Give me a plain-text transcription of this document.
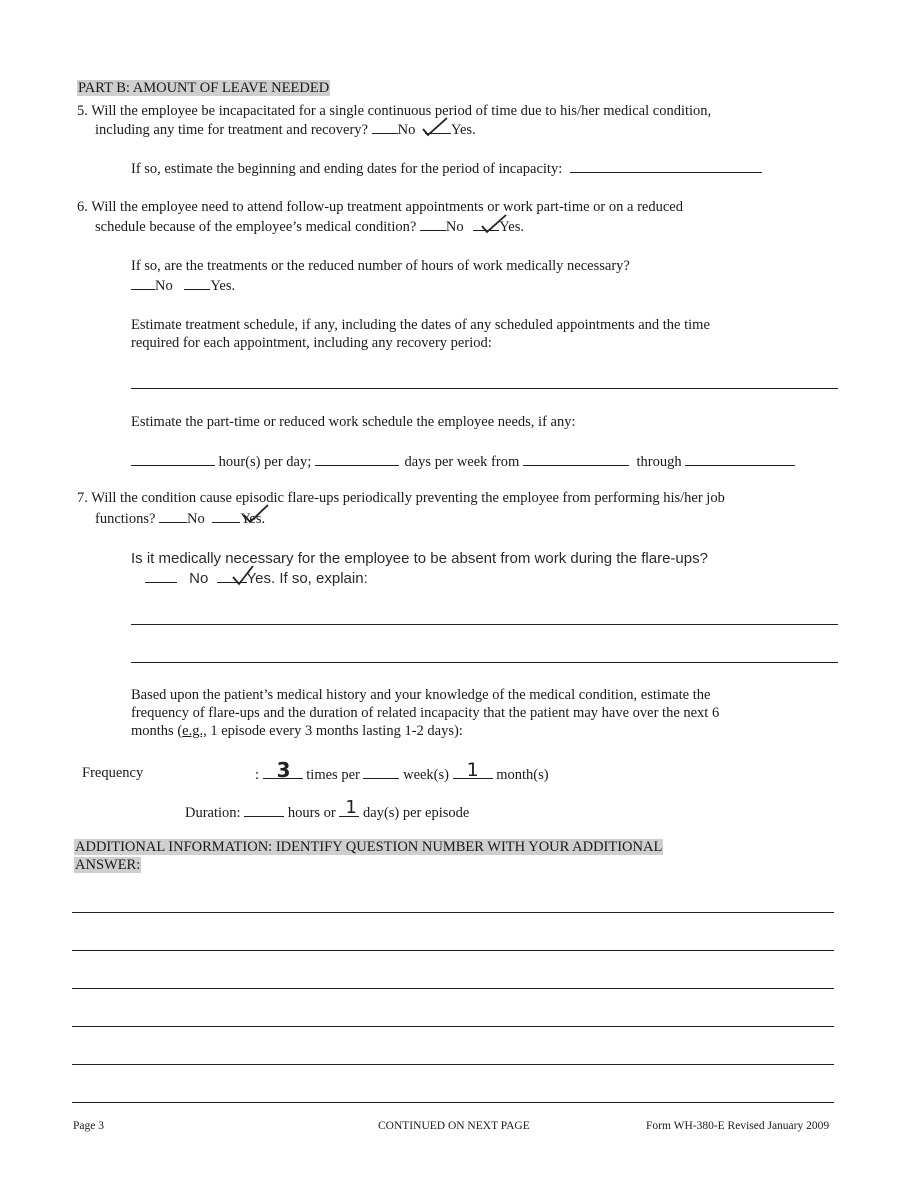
PART B: AMOUNT OF LEAVE NEEDED
5. Will the employee be incapacitated for a single continuous period of time due to his/her medical condition,
including any time for treatment and recovery? No Yes.
If so, estimate the beginning and ending dates for the period of incapacity:
6. Will the employee need to attend follow-up treatment appointments or work part-time or on a reduced
schedule because of the employee’s medical condition? No Yes.
If so, are the treatments or the reduced number of hours of work medically necessary?
No	Yes.
Estimate treatment schedule, if any, including the dates of any scheduled appointments and the time
required for each appointment, including any recovery period:
Estimate the part-time or reduced work schedule the employee needs, if any:
hour(s) per day;	days per week from	through
7. Will the condition cause episodic flare-ups periodically preventing the employee from performing his/her job
functions? No Yes.
Is it medically necessary for the employee to be absent from work during the flare-ups?
No	Yes. If so, explain:
Based upon the patient’s medical history and your knowledge of the medical condition, estimate the
frequency of flare-ups and the duration of related incapacity that the patient may have over the next 6
months (e.g., 1 episode every 3 months lasting 1-2 days):
Frequency	: 3 times per	week(s) 1 month(s)
Duration:	hours or 1 day(s) per episode
ADDITIONAL INFORMATION: IDENTIFY QUESTION NUMBER WITH YOUR ADDITIONAL
ANSWER:
Page 3	CONTINUED ON NEXT PAGE	Form WH-380-E Revised January 2009
